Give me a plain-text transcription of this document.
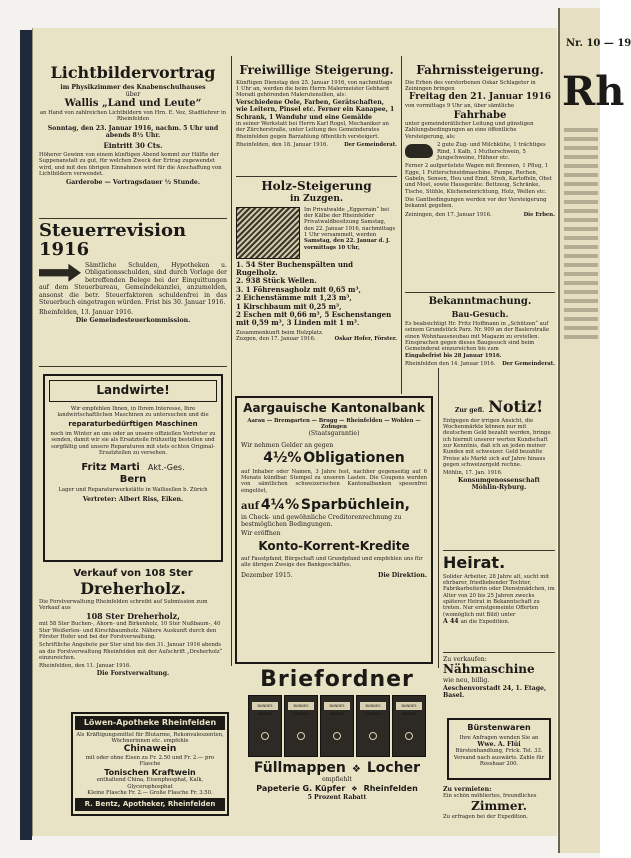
Nr. 10 — 19
Rh
Lichtbildervortrag
im Physikzimmer des Knabenschulhauses
über
Wallis „Land und Leute“
an Hand von zahlreichen Lichtbildern von Hrn. E. Vez, Stadtlehrer in Rheinfelden
Sonntag, den 23. Januar 1916, nachm. 5 Uhr und abends 8½ Uhr.
Eintritt 30 Cts.
Höherer Gewinn von einem künftigen Abend kommt zur Hälfte der Suppenanstalt zu gut, für welchen Zweck der Ertrag zugewendet wird, und mit den übrigen Einnahmen wird für die Anschaffung von Lichtbildern verwendet.
Garderobe — Vortragsdauer ½ Stunde.
Steuerrevision 1916
Sämtliche Schulden, Hypotheken u. Obligationsschulden, sind durch Vorlage der betreffenden Belege bei der Einquittungen auf dem Steuerbureau, Gemeindekanzlei, anzumelden, ansonst die betr. Steuerfaktoren schuldenfrei in das Steuerbuch eingetragen würden. Frist bis 30. Januar 1916.
Rheinfelden, 13. Januar 1916.
Die Gemeindesteuerkommission.
Landwirte!
Wir empfehlen Ihnen, in Ihrem Interesse, Ihre landwirtschaftlichen Maschinen zu untersuchen und die
reparaturbedürftigen Maschinen
noch im Winter an uns oder an unsere offiziellen Vertreter zu senden, damit wir sie als Ersatzteile frühzeitig bestellen und sorgfältig und unsere Reparaturen mit stets echten Original-Ersatzteilen zu versehen.
Fritz Marti Akt.-Ges.
Bern
Lager und Reparaturwerkstätte in Wallisellen b. Zürich
Vertreter: Albert Riss, Eiken.
Verkauf von 108 Ster
Dreherholz.
Die Forstverwaltung Rheinfelden schreibt auf Submission zum Verkauf aus
108 Ster Dreherholz,
mit 58 Ster Buchen-, Ahorn- und Birkenholz, 10 Ster Nußbaum-, 40 Ster Weißerlen- und Kirschbaumholz. Nähere Auskunft durch den Förster Hofer und bei der Forstverwaltung.
Schriftliche Angebote per Ster sind bis den 31. Januar 1916 abends an die Forstverwaltung Rheinfelden mit der Aufschrift „Dreherholz“ einzureichen.
Rheinfelden, den 11. Januar 1916.
Die Forstverwaltung.
Löwen-Apotheke Rheinfelden
Als Kräftigungsmittel für Blutarme, Rekonvaleszenten, Wöchnerinnen etc. empfehle
Chinawein
mit oder ohne Eisen zu Fr. 2.50 und Fr. 2.— pro Flasche
Tonischen Kraftwein
enthaltend China, Eisenphosphat, Kalk, Glycerophosphat
Kleine Flasche Fr. 2.— Große Flasche Fr. 3.50.
R. Bentz, Apotheker, Rheinfelden
Freiwillige Steigerung.
Künftigen Dienstag den 25. Januar 1916, von nachmittags 1 Uhr an, werden die beim Herrn Malermeister Gebhard Moradi gehörenden Malerutensilien, als:
Verschiedene Oele, Farben, Gerätschaften, wie Leitern, Pinsel etc. Ferner ein Kanapee, 1 Schrank, 1 Wanduhr und eine Gemälde
in seiner Werkstatt bei Herrn Karl Rogel, Mechaniker an der Zürcherstraße, unter Leitung des Gemeinderates Rheinfelden gegen Barzahlung öffentlich versteigert.
Rheinfelden, den 18. Januar 1916.	Der Gemeinderat.
Holz-Steigerung
in Zuzgen.
Im Privatwalde „Eggerrain“ bei der Kälbe der Rheinfelder Privatwaldbesitzung Samstag, den 22. Januar 1916, nachmittags 1 Uhr versammelt, werden
Samstag, den 22. Januar d. J. vormittags 10 Uhr,
1. 54 Ster Buchenspälten und Rugelholz.
2. 938 Stück Wellen.
3. 1 Föhrensagholz mit 0,65 m³,
2 Eichenstämme mit 1,23 m³,
1 Kirschbaum mit 0,25 m³,
2 Eschen mit 0,66 m³, 5 Eschenstangen mit 0,59 m³, 3 Linden mit 1 m³.
Zusammenkunft beim Holzplatz.
Zuzgen, den 17. Januar 1916.	Oskar Hofer, Förster.
Fahrnissteigerung.
Die Erben des verstorbenen Oskar Schlageter in Zeiningen bringen
Freitag den 21. Januar 1916
von vormittags 9 Uhr an, über sämtliche
Fahrhabe
unter gemeinderätlicher Leitung und günstigen Zahlungsbedingungen an eine öffentliche Versteigerung, als:
2 gute Zug- und Milchkühe, 1 trächtiges Rind, 1 Kalb, 1 Mutterschwein, 5 Jungschweine, Hühner etc.
Ferner 2 aufgerüstete Wagen mit Brennen, 1 Pflug, 1 Egge, 1 Futterschneidmaschine, Pumpe, Rechen, Gabeln, Sensen, Heu und Emd, Stroh, Kartoffeln, Obst und Most, sowie Hausgeräte: Bettzeug, Schränke, Tische, Stühle, Kücheneinrichtung, Holz, Wellen etc.
Die Gantbedingungen werden vor der Versteigerung bekannt gegeben.
Zeiningen, den 17. Januar 1916.	Die Erben.
Bekanntmachung.
Bau-Gesuch.
Es beabsichtigt Hr. Fritz Hoffmann in „Schützen“ auf seinem Grundstück Parz. Nr. 909 an der Baslerstraße einen Wohnhausneubau mit Magazin zu erstellen. Einsprachen gegen dieses Baugesuch sind beim Gemeinderat einzureichen bis zum
Eingabefrist bis 28 Januar 1916.
Rheinfelden den 14. Januar 1916. Der Gemeinderat.
Aargauische Kantonalbank
Aarau — Bremgarten — Brugg — Rheinfelden — Wohlen — Zofingen
(Staatsgarantie)
Wir nehmen Gelder an gegen
4½% Obligationen
auf Inhaber oder Namen, 3 Jahre fest, nachher gegenseitig auf 6 Monate kündbar. Stempel zu unseren Lasten. Die Coupons werden von sämtlichen schweizerischen Kantonalbanken spesenfrei eingelöst,
auf 4¼% Sparbüchlein,
in Check- und gewöhnliche Creditorenrechnung zu bestmöglichen Bedingungen.
Wir eröffnen
Konto-Korrent-Kredite
auf Faustpfand, Bürgschaft und Grundpfand und empfehlen uns für alle übrigen Zweige des Bankgeschäftes.
Dezember 1915.	Die Direktion.
Zur gefl. Notiz!
Entgegen der irrigen Ansicht, die Wochenmärkte können nur mit deutschem Geld bezahlt werden, bringe ich hiermit unserer werten Kundschaft zur Kenntnis, daß ich an jeden meiner Kunden mit schweizer. Geld bezahlte Preise als Markt sich auf Jahre hinaus gegen schweizergeld rechne.
Möhlin, 17. Jan. 1916.
Konsumgenossenschaft
Möhlin-Ryburg.
Heirat.
Solider Arbeiter, 28 Jahre alt, sucht mit ehrbarer, friedliebender Tochter, Fabrikarbeiterin oder Dienstmädchen, im Alter von 20 bis 25 Jahren zwecks späterer Heirat in Bekanntschaft zu treten. Nur ernstgemeinte Offerten (womöglich mit Bild) unter
A 44 an die Expedition.
Zu verkaufen:
Nähmaschine
wie neu, billig.
Aeschenvorstadt 24, 1. Etage, Basel.
Bürstenwaren
Ihre Anfragen wenden Sie an
Wwe. A. Flüi
Bürstenhandlung, Frick. Tel. 33. Versand nach auswärts. Zahle für Rosshaar 200.
Zu vermieten:
Ein schön möbliertes, freundliches
Zimmer.
Zu erfragen bei der Expedition.
Briefordner
BUNDES ORDNER
BUNDES ORDNER
BUNDES ORDNER
BUNDES ORDNER
BUNDES ORDNER
Füllmappen ❖ Locher
empfiehlt
Papeterie G. Küpfer ❖ Rheinfelden
5 Prozent Rabatt
